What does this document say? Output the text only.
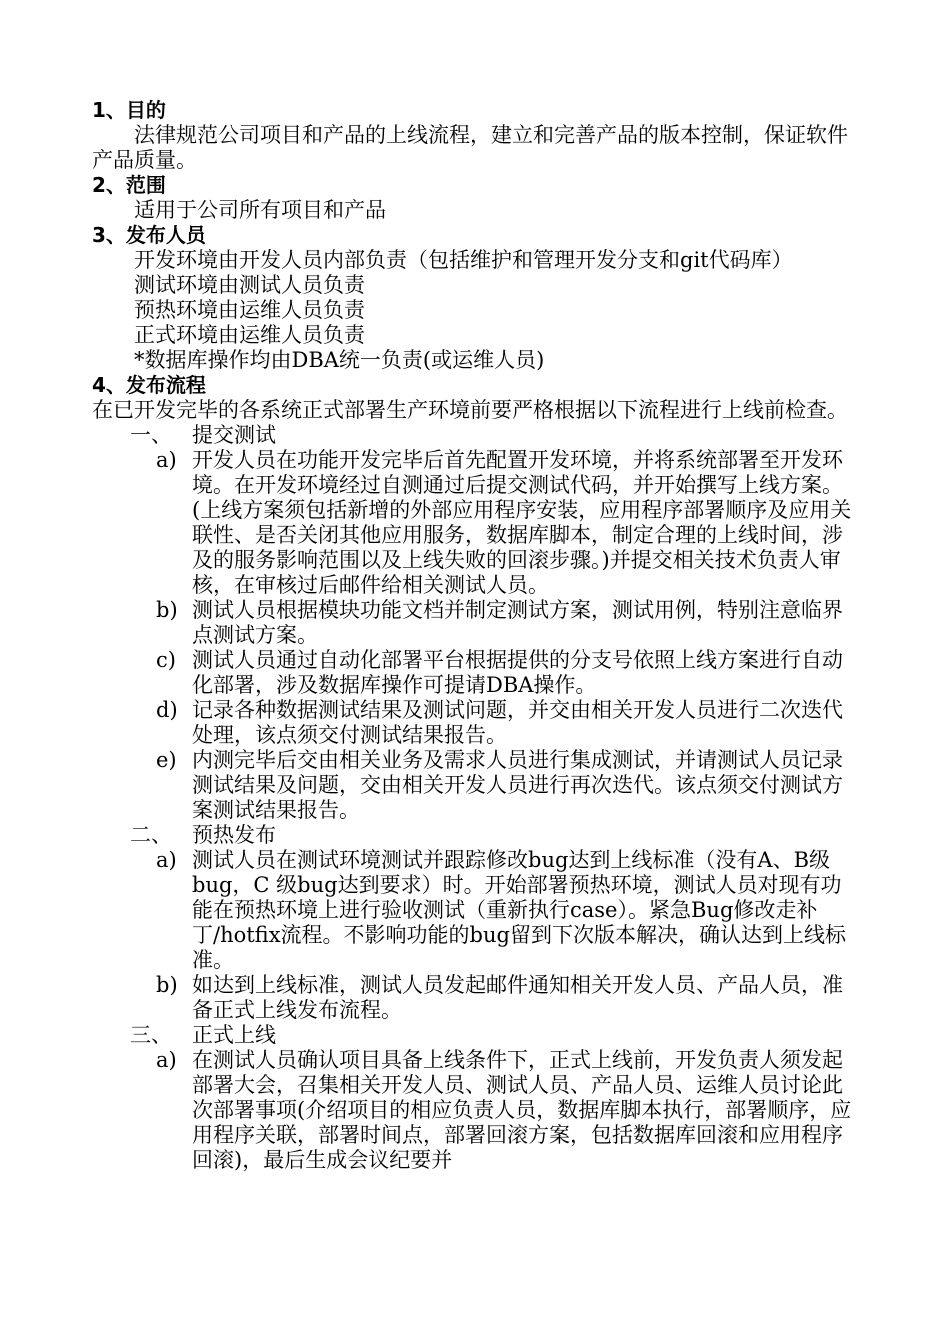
1、目的

法律规范公司项目和产品的上线流程，建立和完善产品的版本控制，保证软件产品质量。

2、范围

适用于公司所有项目和产品

3、发布人员

开发环境由开发人员内部负责（包括维护和管理开发分支和git代码库）

测试环境由测试人员负责

预热环境由运维人员负责

正式环境由运维人员负责

*数据库操作均由DBA统一负责(或运维人员)

4、发布流程

在已开发完毕的各系统正式部署生产环境前要严格根据以下流程进行上线前检查。

一、 提交测试
a) 开发人员在功能开发完毕后首先配置开发环境，并将系统部署至开发环境。在开发环境经过自测通过后提交测试代码，并开始撰写上线方案。(上线方案须包括新增的外部应用程序安装，应用程序部署顺序及应用关联性、是否关闭其他应用服务，数据库脚本，制定合理的上线时间，涉及的服务影响范围以及上线失败的回滚步骤。)并提交相关技术负责人审核，在审核过后邮件给相关测试人员。

b) 测试人员根据模块功能文档并制定测试方案，测试用例，特别注意临界点测试方案。

c) 测试人员通过自动化部署平台根据提供的分支号依照上线方案进行自动化部署，涉及数据库操作可提请DBA操作。

d) 记录各种数据测试结果及测试问题，并交由相关开发人员进行二次迭代处理，该点须交付测试结果报告。

e) 内测完毕后交由相关业务及需求人员进行集成测试，并请测试人员记录测试结果及问题，交由相关开发人员进行再次迭代。该点须交付测试方案测试结果报告。

二、 预热发布
a) 测试人员在测试环境测试并跟踪修改bug达到上线标准（没有A、B级bug，C 级bug达到要求）时。开始部署预热环境，测试人员对现有功能在预热环境上进行验收测试（重新执行case）。紧急Bug修改走补丁/hotfix流程。不影响功能的bug留到下次版本解决，确认达到上线标准。

b) 如达到上线标准，测试人员发起邮件通知相关开发人员、产品人员，准备正式上线发布流程。

三、 正式上线
a) 在测试人员确认项目具备上线条件下，正式上线前，开发负责人须发起部署大会，召集相关开发人员、测试人员、产品人员、运维人员讨论此次部署事项(介绍项目的相应负责人员，数据库脚本执行，部署顺序，应用程序关联，部署时间点，部署回滚方案，包括数据库回滚和应用程序回滚)，最后生成会议纪要并
